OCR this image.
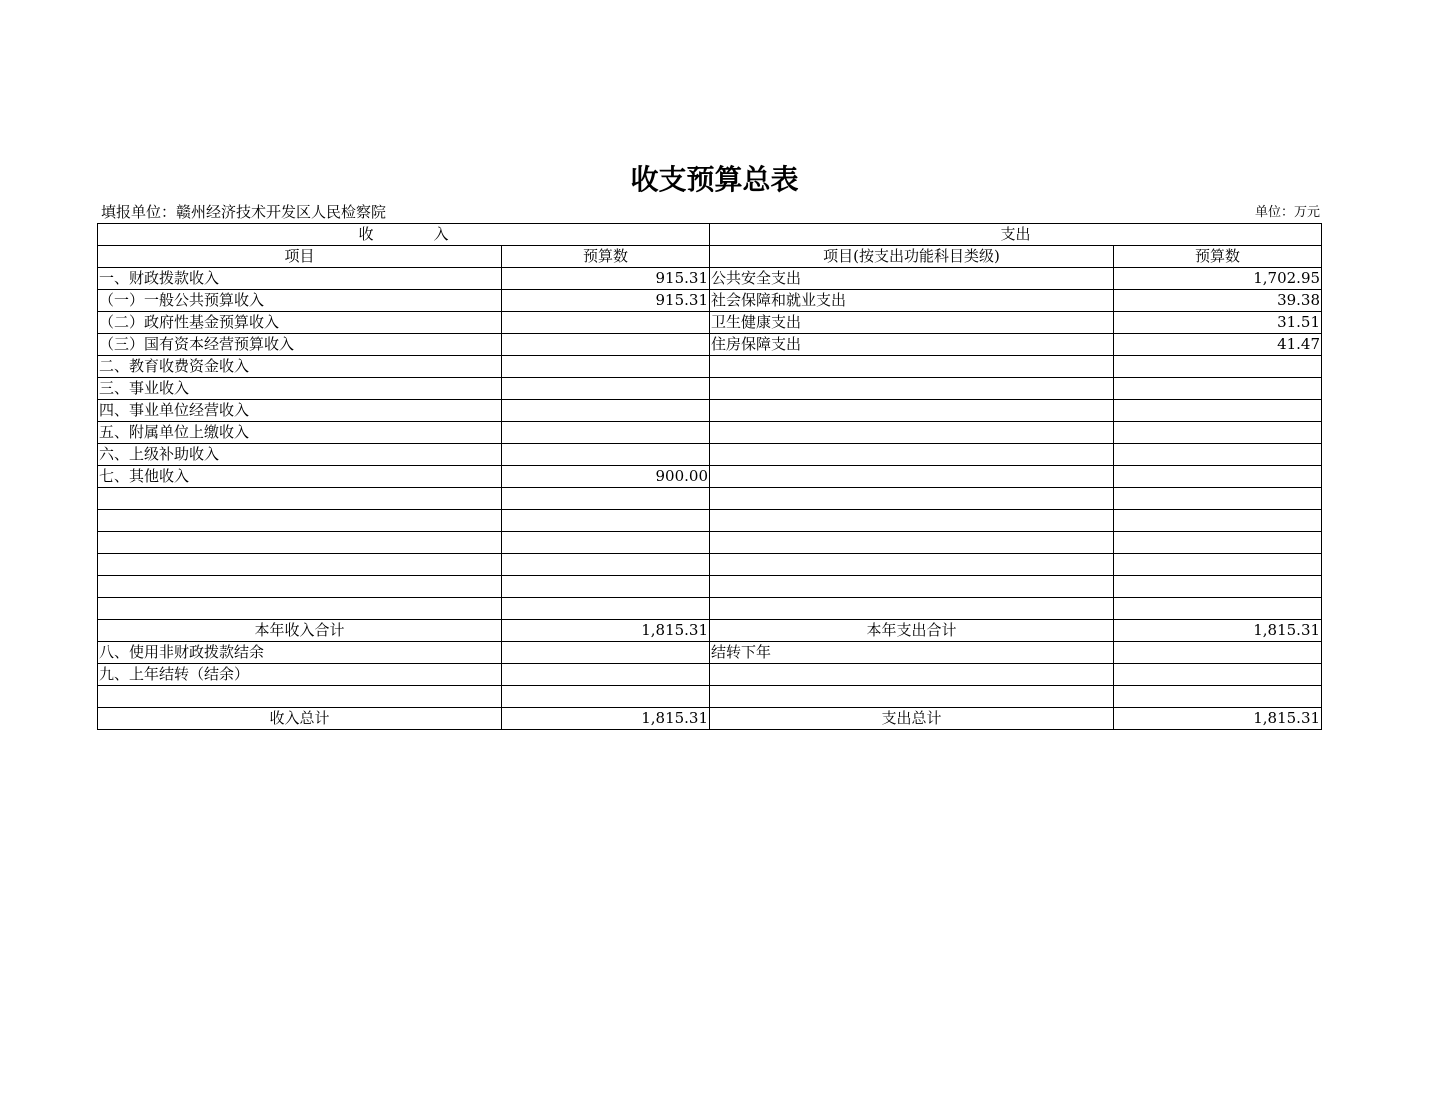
收支预算总表
填报单位：赣州经济技术开发区人民检察院	单位：万元
收　　　　入		支出	
项目	预算数	项目(按支出功能科目类级)	预算数
一、财政拨款收入	915.31	公共安全支出	1,702.95
（一）一般公共预算收入	915.31	社会保障和就业支出	39.38
（二）政府性基金预算收入		卫生健康支出	31.51
（三）国有资本经营预算收入		住房保障支出	41.47
二、教育收费资金收入			
三、事业收入			
四、事业单位经营收入			
五、附属单位上缴收入			
六、上级补助收入			
七、其他收入	900.00		

本年收入合计	1,815.31	本年支出合计	1,815.31
八、使用非财政拨款结余		结转下年	
九、上年结转（结余）			

收入总计	1,815.31	支出总计	1,815.31
